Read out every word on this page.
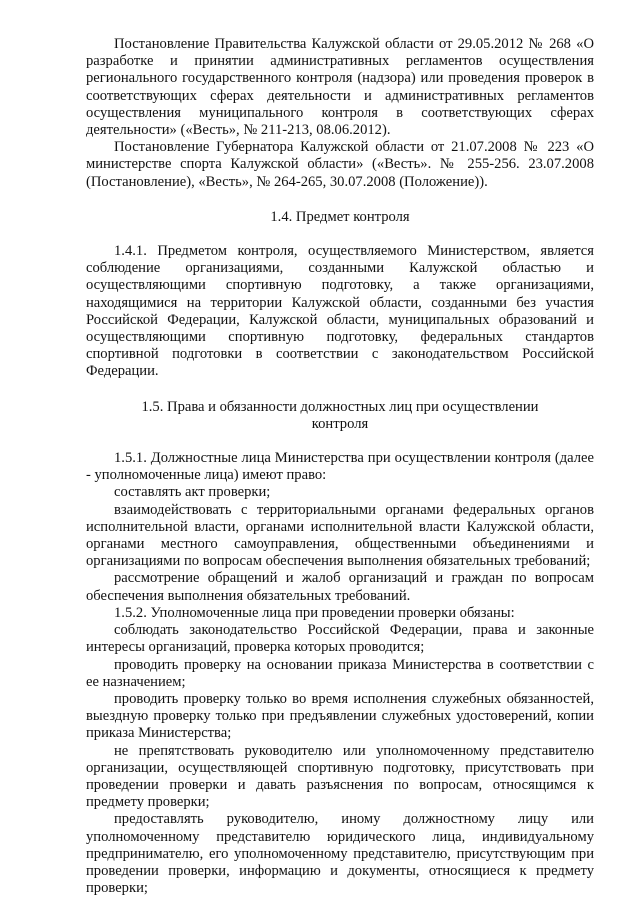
Постановление Правительства Калужской области от 29.05.2012 № 268 «О разработке и принятии административных регламентов осуществления регионального государственного контроля (надзора) или проведения проверок в соответствующих сферах деятельности и административных регламентов осуществления муниципального контроля в соответствующих сферах деятельности» («Весть», № 211-213, 08.06.2012).

Постановление Губернатора Калужской области от 21.07.2008 № 223 «О министерстве спорта Калужской области» («Весть». № 255-256. 23.07.2008 (Постановление), «Весть», № 264-265, 30.07.2008 (Положение)).

1.4. Предмет контроля

1.4.1. Предметом контроля, осуществляемого Министерством, является соблюдение организациями, созданными Калужской областью и осуществляющими спортивную подготовку, а также организациями, находящимися на территории Калужской области, созданными без участия Российской Федерации, Калужской области, муниципальных образований и осуществляющими спортивную подготовку, федеральных стандартов спортивной подготовки в соответствии с законодательством Российской Федерации.

1.5. Права и обязанности должностных лиц при осуществлении контроля

1.5.1. Должностные лица Министерства при осуществлении контроля (далее - уполномоченные лица) имеют право:

составлять акт проверки;

взаимодействовать с территориальными органами федеральных органов исполнительной власти, органами исполнительной власти Калужской области, органами местного самоуправления, общественными объединениями и организациями по вопросам обеспечения выполнения обязательных требований;

рассмотрение обращений и жалоб организаций и граждан по вопросам обеспечения выполнения обязательных требований.

1.5.2. Уполномоченные лица при проведении проверки обязаны:

соблюдать законодательство Российской Федерации, права и законные интересы организаций, проверка которых проводится;

проводить проверку на основании приказа Министерства в соответствии с ее назначением;

проводить проверку только во время исполнения служебных обязанностей, выездную проверку только при предъявлении служебных удостоверений, копии приказа Министерства;

не препятствовать руководителю или уполномоченному представителю организации, осуществляющей спортивную подготовку, присутствовать при проведении проверки и давать разъяснения по вопросам, относящимся к предмету проверки;

предоставлять руководителю, иному должностному лицу или уполномоченному представителю юридического лица, индивидуальному предпринимателю, его уполномоченному представителю, присутствующим при проведении проверки, информацию и документы, относящиеся к предмету проверки;
